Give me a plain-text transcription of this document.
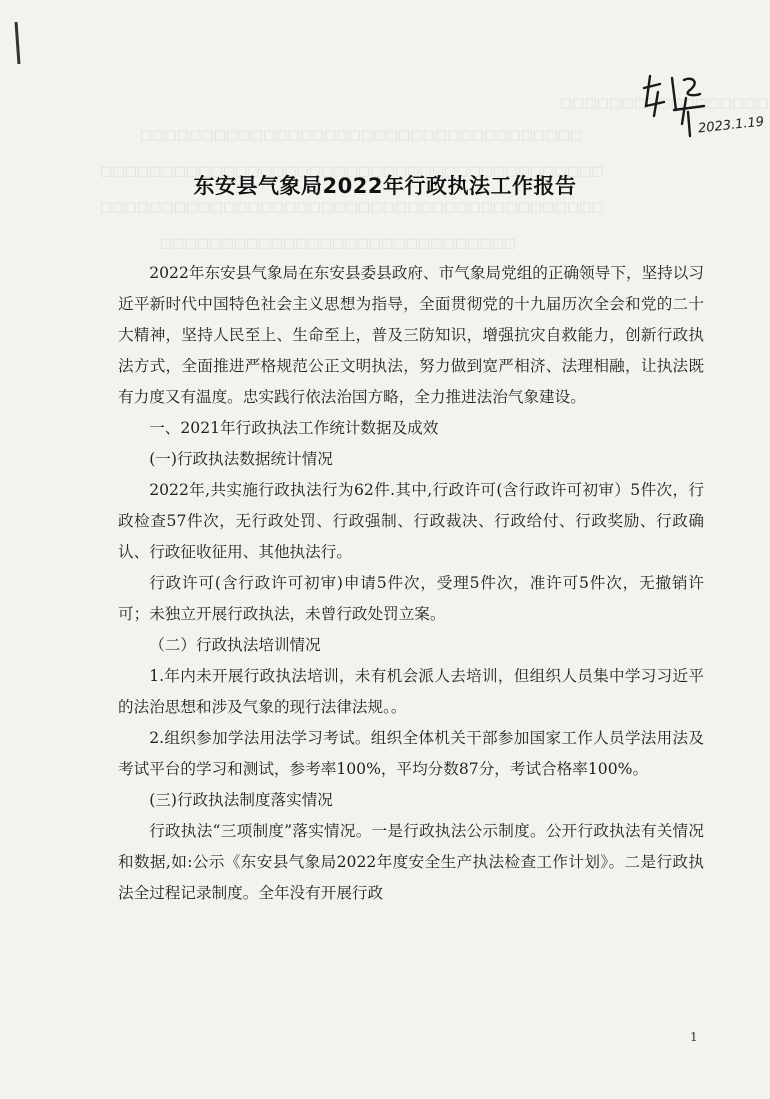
□□□□□□□□□□□□□□□□□
□□□□□□□□□□□□□□□□□□□□□□□□□□□□□□□□□□□□
□□□□□□□□□□□□□□□□□□□□□□□□□□□□□□□□□□□□□□□□□
□□□□□□□□□□□□□□□□□□□□□□□□□□□□□□□□□□□□□□□□□
□□□□□□□□□□□□□□□□□□□□□□□□□□□□□
2023.1.19
东安县气象局2022年行政执法工作报告

2022年东安县气象局在东安县委县政府、市气象局党组的正确领导下，坚持以习近平新时代中国特色社会主义思想为指导，全面贯彻党的十九届历次全会和党的二十大精神，坚持人民至上、生命至上，普及三防知识，增强抗灾自救能力，创新行政执法方式，全面推进严格规范公正文明执法，努力做到宽严相济、法理相融，让执法既有力度又有温度。忠实践行依法治国方略，全力推进法治气象建设。

一、2021年行政执法工作统计数据及成效

(一)行政执法数据统计情况

2022年,共实施行政执法行为62件.其中,行政许可(含行政许可初审）5件次，行政检查57件次，无行政处罚、行政强制、行政裁决、行政给付、行政奖励、行政确认、行政征收征用、其他执法行。

行政许可(含行政许可初审)申请5件次，受理5件次，准许可5件次，无撤销许可；未独立开展行政执法，未曾行政处罚立案。

（二）行政执法培训情况

1.年内未开展行政执法培训，未有机会派人去培训，但组织人员集中学习习近平的法治思想和涉及气象的现行法律法规。。

2.组织参加学法用法学习考试。组织全体机关干部参加国家工作人员学法用法及考试平台的学习和测试，参考率100%，平均分数87分，考试合格率100%。

(三)行政执法制度落实情况

行政执法“三项制度”落实情况。一是行政执法公示制度。公开行政执法有关情况和数据,如:公示《东安县气象局2022年度安全生产执法检查工作计划》。二是行政执法全过程记录制度。全年没有开展行政

1
